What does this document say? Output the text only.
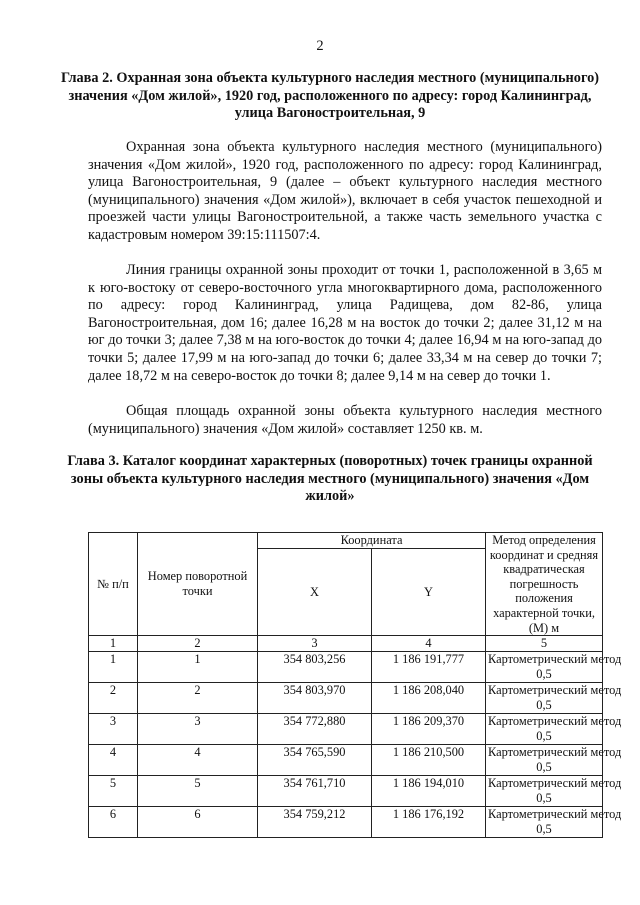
2
Глава 2. Охранная зона объекта культурного наследия местного (муниципального) значения «Дом жилой», 1920 год, расположенного по адресу: город Калининград, улица Вагоностроительная, 9

Охранная зона объекта культурного наследия местного (муниципального) значения «Дом жилой», 1920 год, расположенного по адресу: город Калининград, улица Вагоностроительная, 9 (далее – объект культурного наследия местного (муниципального) значения «Дом жилой»), включает в себя участок пешеходной и проезжей части улицы Вагоностроительной, а также часть земельного участка с кадастровым номером 39:15:111507:4.

Линия границы охранной зоны проходит от точки 1, расположенной в 3,65 м к юго-востоку от северо-восточного угла многоквартирного дома, расположенного по адресу: город Калининград, улица Радищева, дом 82-86, улица Вагоностроительная, дом 16; далее 16,28 м на восток до точки 2; далее 31,12 м на юг до точки 3; далее 7,38 м на юго-восток до точки 4; далее 16,94 м на юго-запад до точки 5; далее 17,99 м на юго-запад до точки 6; далее 33,34 м на север до точки 7; далее 18,72 м на северо-восток до точки 8; далее 9,14 м на север до точки 1.

Общая площадь охранной зоны объекта культурного наследия местного (муниципального) значения «Дом жилой» составляет 1250 кв. м.

Глава 3. Каталог координат характерных (поворотных) точек границы охранной зоны объекта культурного наследия местного (муниципального) значения «Дом жилой»
№ п/п	Номер поворотной точки	Координата		Метод определения координат и средняя квадратическая погрешность положения характерной точки, (М) м
		X	Y	
1	2	3	4	5
1	1	354 803,256	1 186 191,777	Картометрический метод
0,5

2	2	354 803,970	1 186 208,040	Картометрический метод
0,5

3	3	354 772,880	1 186 209,370	Картометрический метод
0,5

4	4	354 765,590	1 186 210,500	Картометрический метод
0,5

5	5	354 761,710	1 186 194,010	Картометрический метод
0,5

6	6	354 759,212	1 186 176,192	Картометрический метод
0,5
